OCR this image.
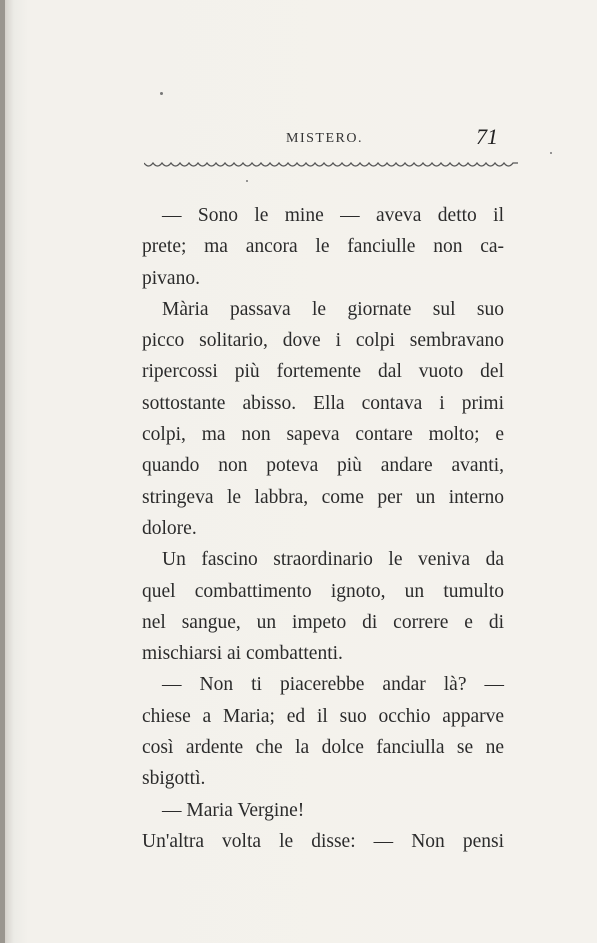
MISTERO.	71
— Sono le mine — aveva detto il
prete; ma ancora le fanciulle non ca-
pivano.
Mària passava le giornate sul suo
picco solitario, dove i colpi sembravano
ripercossi più fortemente dal vuoto del
sottostante abisso. Ella contava i primi
colpi, ma non sapeva contare molto; e
quando non poteva più andare avanti,
stringeva le labbra, come per un interno
dolore.
Un fascino straordinario le veniva da
quel combattimento ignoto, un tumulto
nel sangue, un impeto di correre e di
mischiarsi ai combattenti.
— Non ti piacerebbe andar là? —
chiese a Maria; ed il suo occhio apparve
così ardente che la dolce fanciulla se ne
sbigottì.
— Maria Vergine!
Un'altra volta le disse: — Non pensi
